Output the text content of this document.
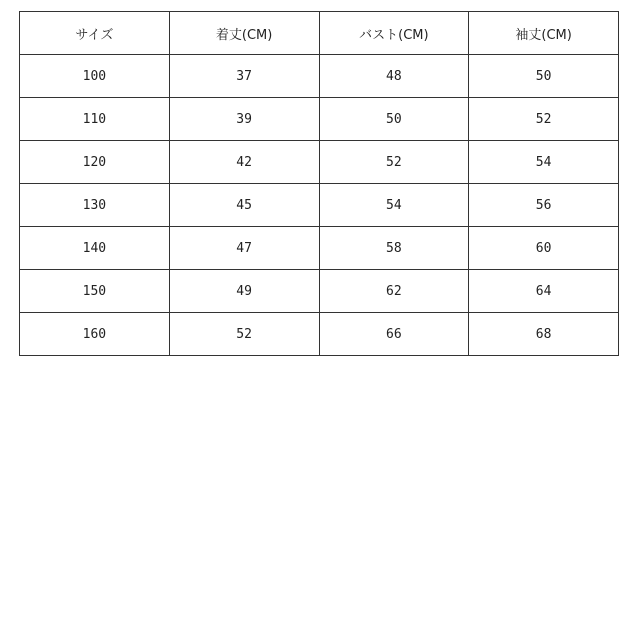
サイズ	着丈(CM)	バスト(CM)	袖丈(CM)
100	37	48	50
110	39	50	52
120	42	52	54
130	45	54	56
140	47	58	60
150	49	62	64
160	52	66	68
